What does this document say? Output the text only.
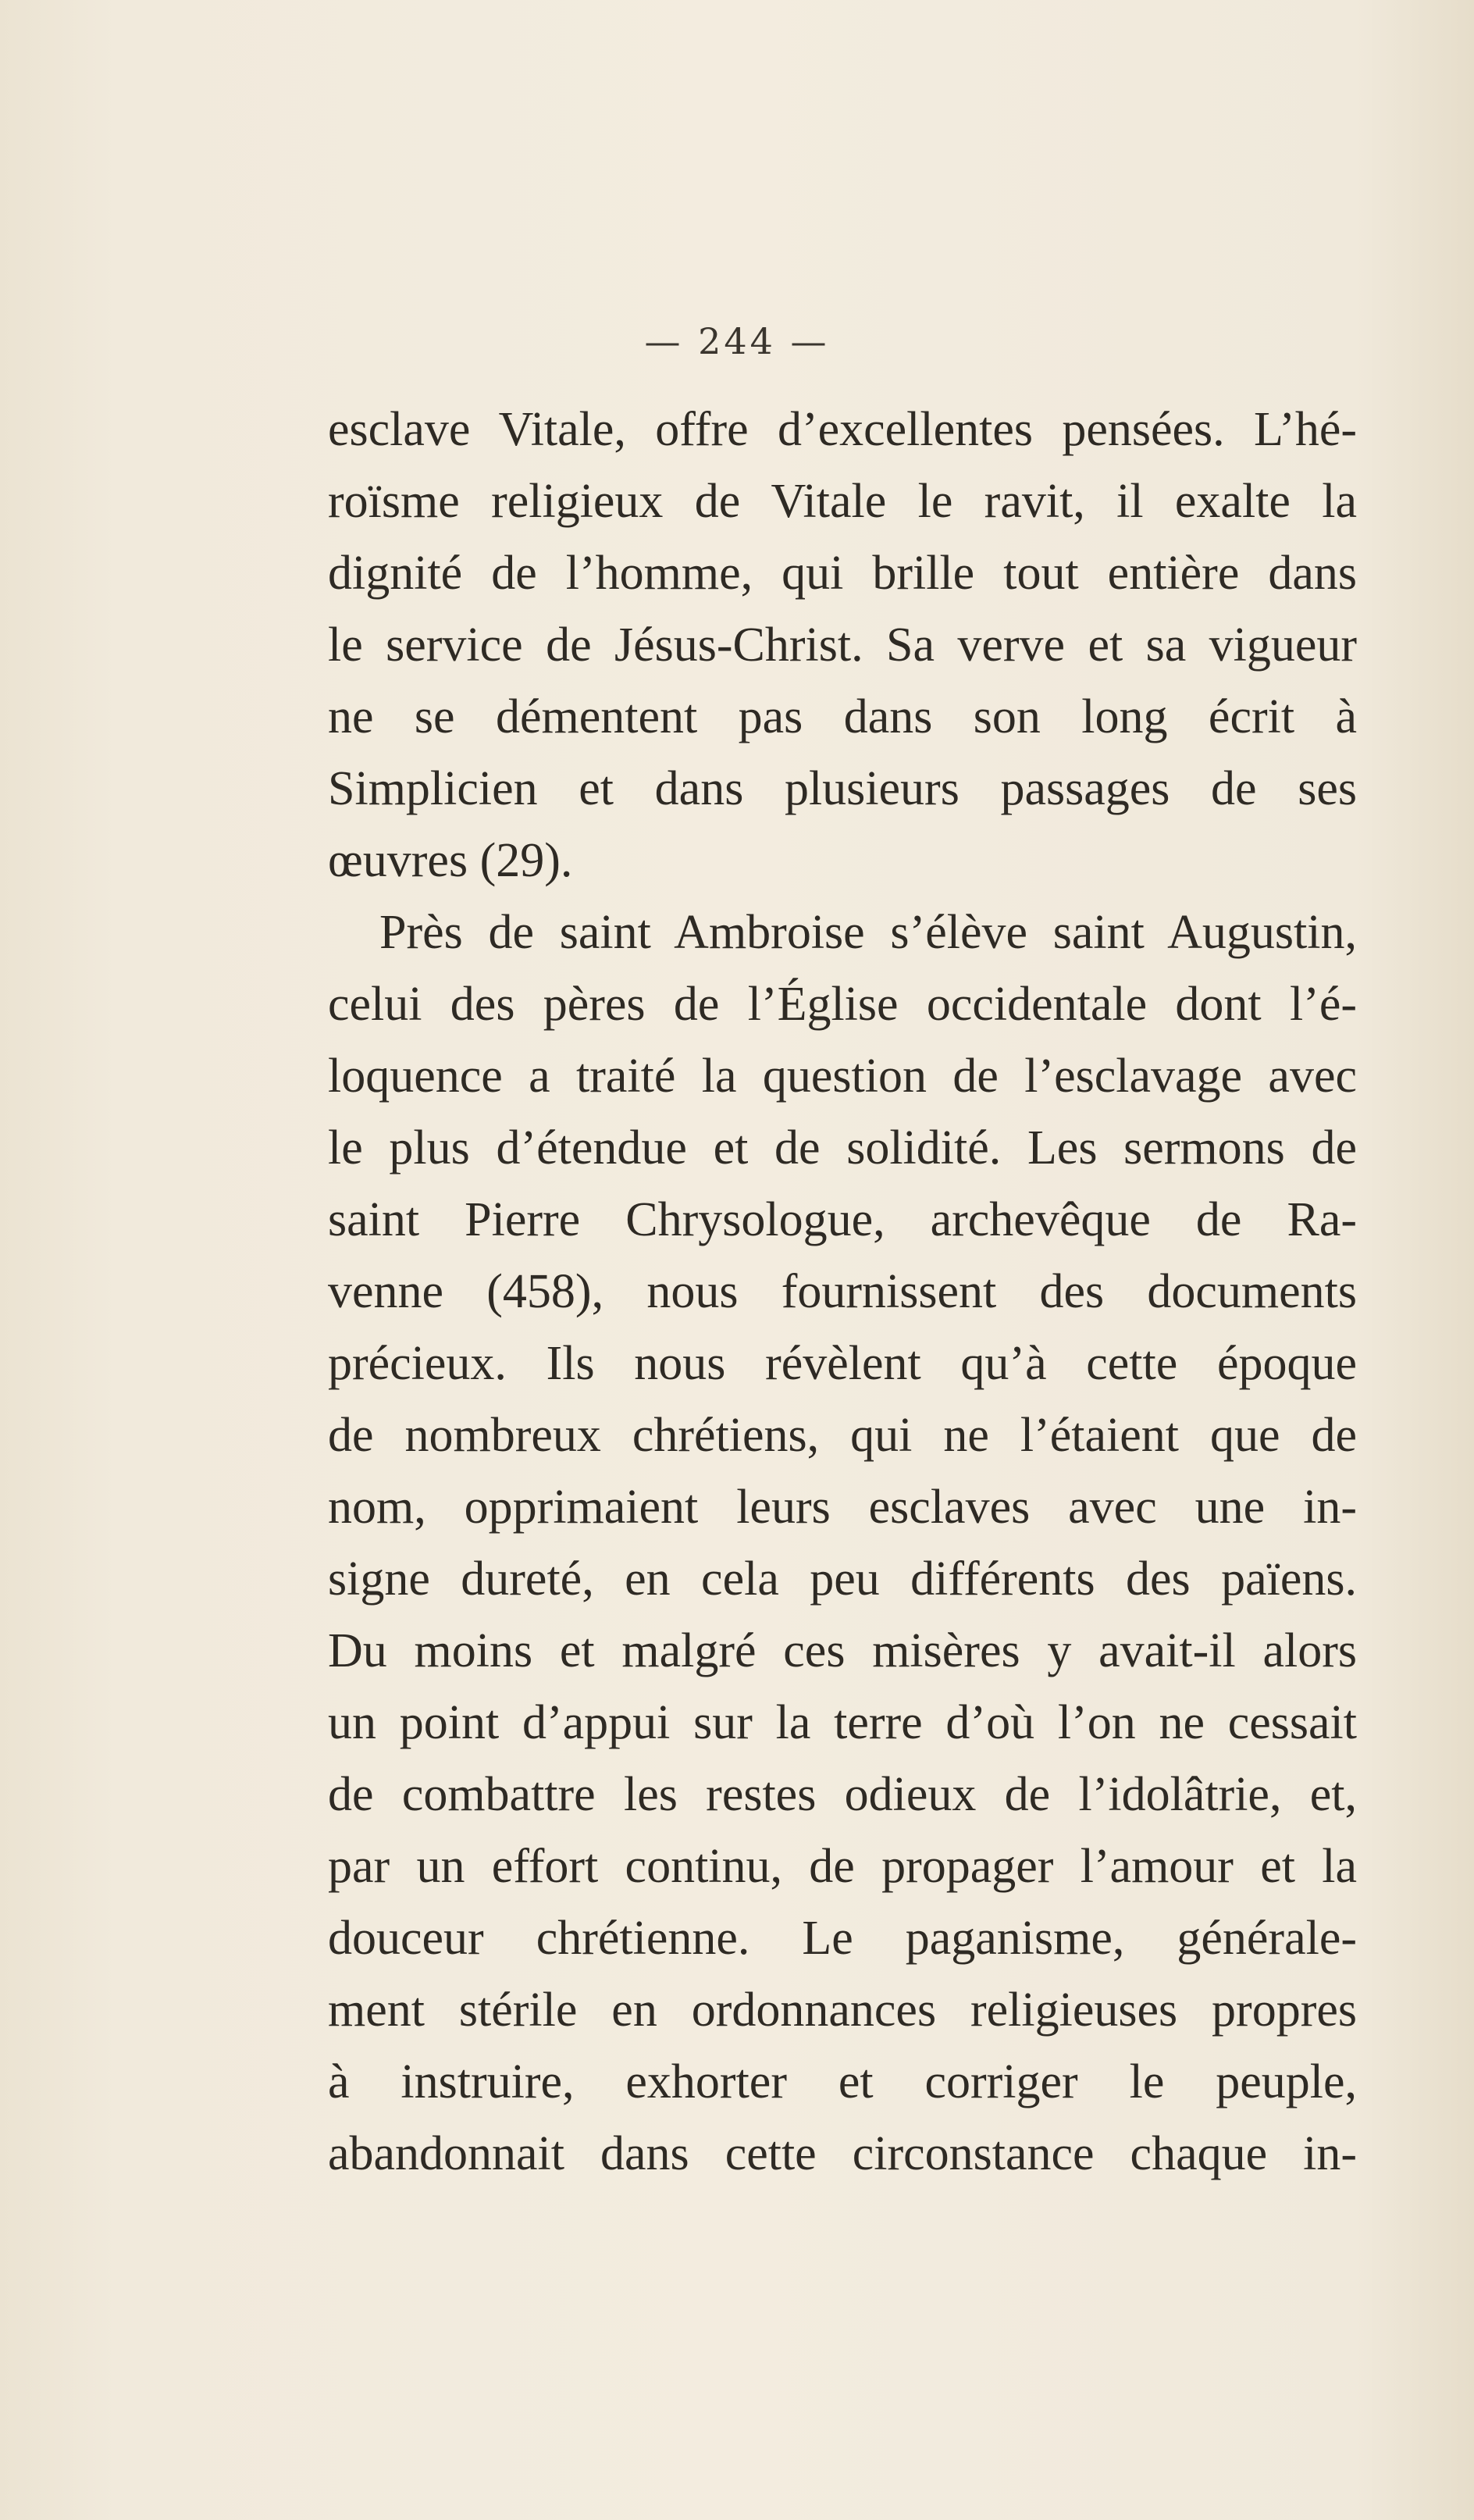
— 244 —
esclave Vitale, offre d’excellentes pensées. L’hé-
roïsme religieux de Vitale le ravit, il exalte la
dignité de l’homme, qui brille tout entière dans
le service de Jésus-Christ. Sa verve et sa vigueur
ne se démentent pas dans son long écrit à
Simplicien et dans plusieurs passages de ses
œuvres (29).
Près de saint Ambroise s’élève saint Augustin,
celui des pères de l’Église occidentale dont l’é-
loquence a traité la question de l’esclavage avec
le plus d’étendue et de solidité. Les sermons de
saint Pierre Chrysologue, archevêque de Ra-
venne (458), nous fournissent des documents
précieux. Ils nous révèlent qu’à cette époque
de nombreux chrétiens, qui ne l’étaient que de
nom, opprimaient leurs esclaves avec une in-
signe dureté, en cela peu différents des païens.
Du moins et malgré ces misères y avait-il alors
un point d’appui sur la terre d’où l’on ne cessait
de combattre les restes odieux de l’idolâtrie, et,
par un effort continu, de propager l’amour et la
douceur chrétienne. Le paganisme, générale-
ment stérile en ordonnances religieuses propres
à instruire, exhorter et corriger le peuple,
abandonnait dans cette circonstance chaque in-
